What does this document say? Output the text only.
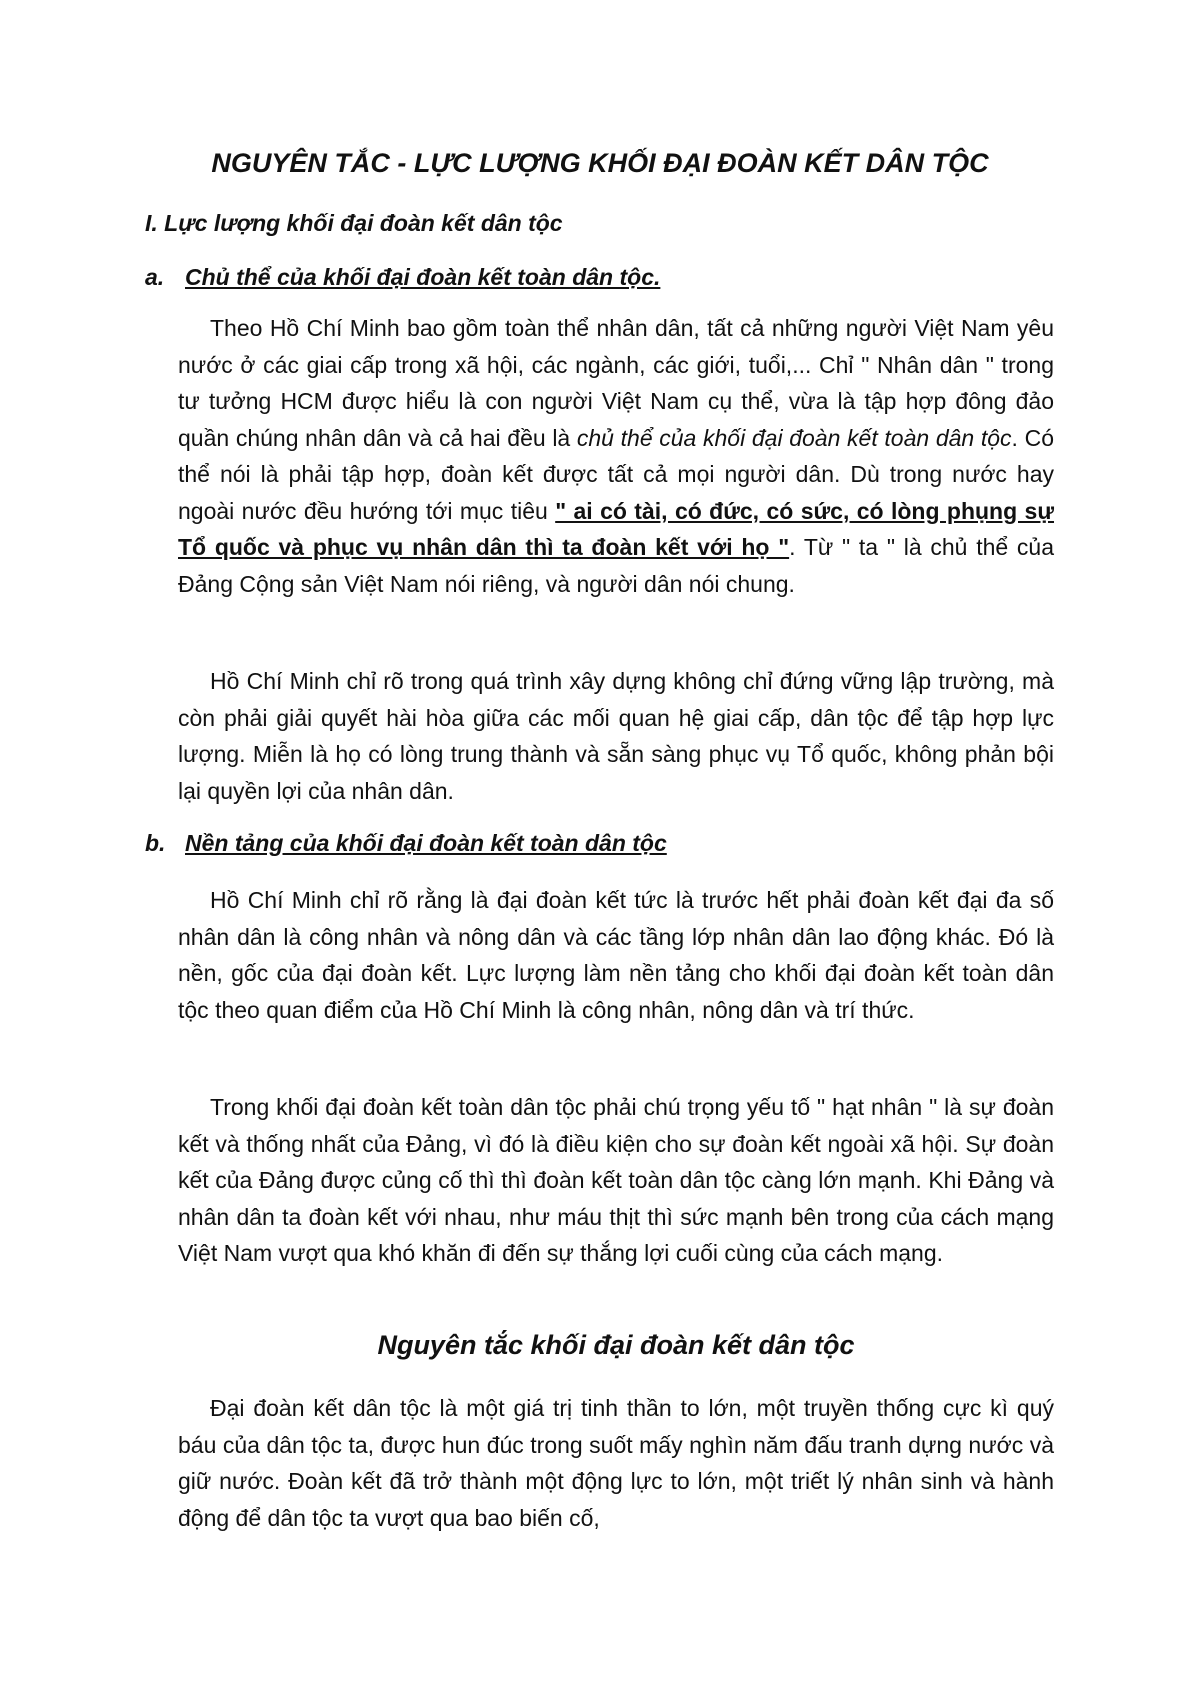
NGUYÊN TẮC - LỰC LƯỢNG KHỐI ĐẠI ĐOÀN KẾT DÂN TỘC
I. Lực lượng khối đại đoàn kết dân tộc
a. Chủ thể của khối đại đoàn kết toàn dân tộc.
Theo Hồ Chí Minh bao gồm toàn thể nhân dân, tất cả những người Việt Nam yêu nước ở các giai cấp trong xã hội, các ngành, các giới, tuổi,... Chỉ " Nhân dân " trong tư tưởng HCM được hiểu là con người Việt Nam cụ thể, vừa là tập hợp đông đảo quần chúng nhân dân và cả hai đều là chủ thể của khối đại đoàn kết toàn dân tộc. Có thể nói là phải tập hợp, đoàn kết được tất cả mọi người dân. Dù trong nước hay ngoài nước đều hướng tới mục tiêu " ai có tài, có đức, có sức, có lòng phụng sự Tổ quốc và phục vụ nhân dân thì ta đoàn kết với họ ". Từ " ta " là chủ thể của Đảng Cộng sản Việt Nam nói riêng, và người dân nói chung.
Hồ Chí Minh chỉ rõ trong quá trình xây dựng không chỉ đứng vững lập trường, mà còn phải giải quyết hài hòa giữa các mối quan hệ giai cấp, dân tộc để tập hợp lực lượng. Miễn là họ có lòng trung thành và sẵn sàng phục vụ Tổ quốc, không phản bội lại quyền lợi của nhân dân.
b. Nền tảng của khối đại đoàn kết toàn dân tộc
Hồ Chí Minh chỉ rõ rằng là đại đoàn kết tức là trước hết phải đoàn kết đại đa số nhân dân là công nhân và nông dân và các tầng lớp nhân dân lao động khác. Đó là nền, gốc của đại đoàn kết. Lực lượng làm nền tảng cho khối đại đoàn kết toàn dân tộc theo quan điểm của Hồ Chí Minh là công nhân, nông dân và trí thức.
Trong khối đại đoàn kết toàn dân tộc phải chú trọng yếu tố " hạt nhân " là sự đoàn kết và thống nhất của Đảng, vì đó là điều kiện cho sự đoàn kết ngoài xã hội. Sự đoàn kết của Đảng được củng cố thì thì đoàn kết toàn dân tộc càng lớn mạnh. Khi Đảng và nhân dân ta đoàn kết với nhau, như máu thịt thì sức mạnh bên trong của cách mạng Việt Nam vượt qua khó khăn đi đến sự thắng lợi cuối cùng của cách mạng.
Nguyên tắc khối đại đoàn kết dân tộc
Đại đoàn kết dân tộc là một giá trị tinh thần to lớn, một truyền thống cực kì quý báu của dân tộc ta, được hun đúc trong suốt mấy nghìn năm đấu tranh dựng nước và giữ nước. Đoàn kết đã trở thành một động lực to lớn, một triết lý nhân sinh và hành động để dân tộc ta vượt qua bao biến cố,
